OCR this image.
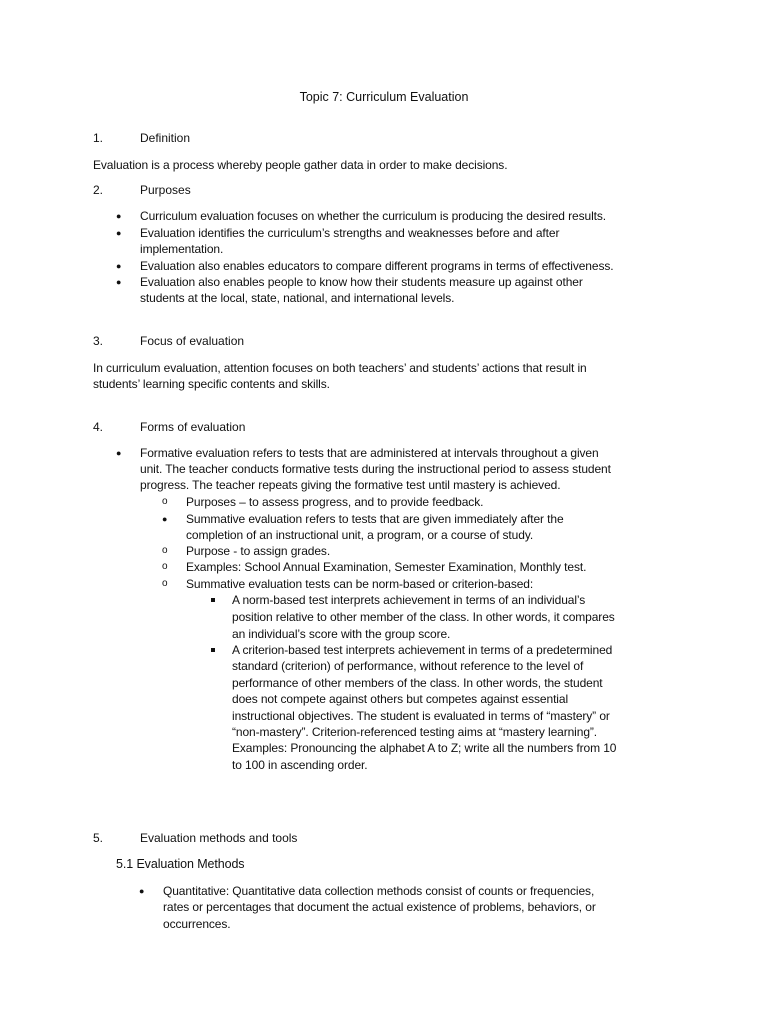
Topic 7: Curriculum Evaluation
1.	Definition
Evaluation is a process whereby people gather data in order to make decisions.
2.	Purposes
● Curriculum evaluation focuses on whether the curriculum is producing the desired results.
● Evaluation identifies the curriculum’s strengths and weaknesses before and after
implementation.
● Evaluation also enables educators to compare different programs in terms of effectiveness.
● Evaluation also enables people to know how their students measure up against other
students at the local, state, national, and international levels.
3.	Focus of evaluation
In curriculum evaluation, attention focuses on both teachers’ and students’ actions that result in
students’ learning specific contents and skills.
4.	Forms of evaluation
● Formative evaluation refers to tests that are administered at intervals throughout a given
unit. The teacher conducts formative tests during the instructional period to assess student
progress. The teacher repeats giving the formative test until mastery is achieved.
o Purposes – to assess progress, and to provide feedback.
● Summative evaluation refers to tests that are given immediately after the
completion of an instructional unit, a program, or a course of study.
o Purpose - to assign grades.
o Examples: School Annual Examination, Semester Examination, Monthly test.
o Summative evaluation tests can be norm-based or criterion-based:
A norm-based test interprets achievement in terms of an individual’s
position relative to other member of the class. In other words, it compares
an individual’s score with the group score.
A criterion-based test interprets achievement in terms of a predetermined
standard (criterion) of performance, without reference to the level of
performance of other members of the class. In other words, the student
does not compete against others but competes against essential
instructional objectives. The student is evaluated in terms of “mastery” or
“non-mastery”. Criterion-referenced testing aims at “mastery learning”.
Examples: Pronouncing the alphabet A to Z; write all the numbers from 10
to 100 in ascending order.
5.	Evaluation methods and tools
5.1 Evaluation Methods
● Quantitative: Quantitative data collection methods consist of counts or frequencies,
rates or percentages that document the actual existence of problems, behaviors, or
occurrences.
